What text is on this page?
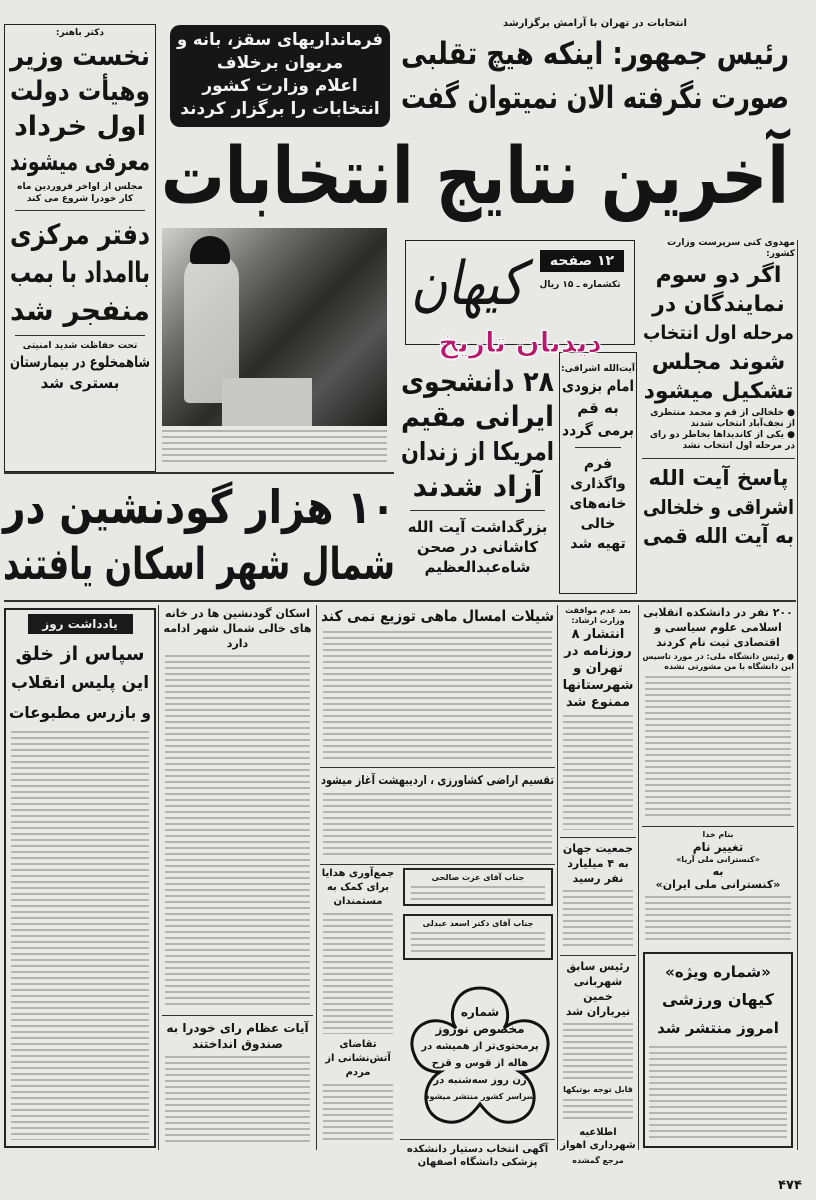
انتخابات در تهران با آرامش برگزارشد
رئیس جمهور: اینکه هیچ تقلبی
صورت نگرفته الان نمیتوان گفت
آخرین نتایج انتخابات
فرمانداریهای سقز، بانه و
مریوان برخلاف
اعلام وزارت کشور
انتخابات را برگزار کردند
دکتر باهنر:
نخست وزیر
وهیأت دولت
اول خرداد
معرفی میشوند
مجلس از اواخر فروردین ماه کار خودرا شروع می کند
دفتر مرکزی
باامداد با بمب
منفجر شد
تحت حفاظت شدید امنیتی
شاهمخلوع در بیمارستان
بستری شد
۱۲ صفحه
تکشماره ـ ۱۵ ریال
کیهان
دیدبان تاریخ
۲۸ دانشجوی
ایرانی مقیم
امریکا از زندان
آزاد شدند
بزرگداشت آیت الله
کاشانی در صحن
شاه‌عبدالعظیم
آیت‌الله اشراقی:
امام بزودی
به قم
برمی گردد
فرم
واگذاری
خانه‌های
خالی
تهیه شد
مهدوی کنی سرپرست وزارت کشور:
اگر دو سوم
نمایندگان در
مرحله اول انتخاب
شوند مجلس
تشکیل میشود
● خلخالی از قم و محمد منتظری از نجف‌آباد انتخاب شدند
● یکی از کاندیداها بخاطر دو رای در مرحله اول انتخاب نشد
پاسخ آیت الله
اشراقی و خلخالی
به آیت الله قمی
۱۰ هزار گودنشین در
شمال شهر اسکان یافتند
یادداشت روز
سپاس از خلق
این پلیس انقلاب
و بازرس مطبوعات
اسکان گودنشین ها در خانه های خالی شمال شهر ادامه دارد
آیات عظام رای خودرا به صندوق انداختند
شیلات امسال ماهی توزیع نمی کند
تقسیم اراضی کشاورزی ، اردیبهشت آغاز میشود
جمع‌آوری هدایا برای کمک به مستمندان
تقاضای آتش‌نشانی از مردم
جناب آقای عزت صالحی
جناب آقای دکتر اسعد عبدلی
شماره
مخصوص نوروز
پرمحتوی‌تر از همیشه در
هاله از قوس و قزح
زن روز سه‌شنبه در
سراسر کشور منتشر میشود
آگهی انتخاب دستیار دانشکده پزشکی دانشگاه اصفهان
بعد عدم موافقت وزارت ارشاد:
انتشار ۸ روزنامه در تهران و شهرستانها ممنوع شد
جمعیت جهان به ۴ میلیارد نفر رسید
رئیس سابق شهربانی خمین تیرباران شد
قابل توجه بوتیکها
اطلاعیه شهرداری اهواز
مرجع گمشده
۲۰۰ نفر در دانشکده انقلابی اسلامی علوم سیاسی و اقتصادی ثبت نام کردند
● رئیس دانشگاه ملی: در مورد تاسیس این دانشگاه با من مشورتی نشده
بنام خدا
تغییر نام
«کنسترانی ملی آریا»
به
«کنسترانی ملی ایران»
«شماره ویژه»
کیهان ورزشی
امروز منتشر شد
۴۷۴
